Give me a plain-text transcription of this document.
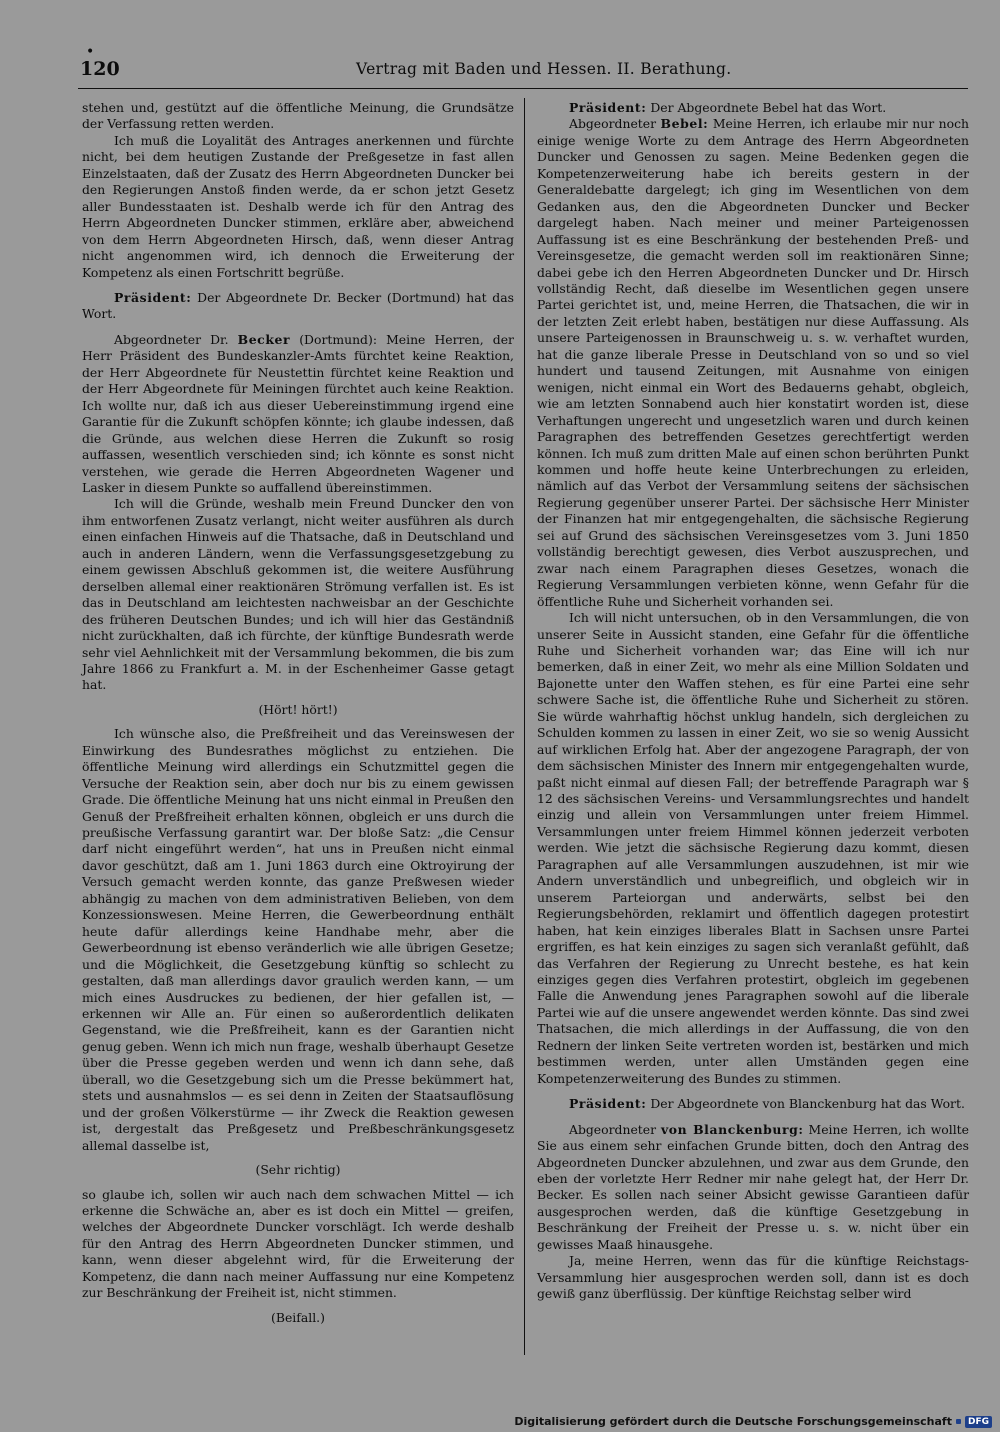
•
120	Vertrag mit Baden und Hessen. II. Berathung.

stehen und, gestützt auf die öffentliche Meinung, die Grundsätze der Verfassung retten werden.

Ich muß die Loyalität des Antrages anerkennen und fürchte nicht, bei dem heutigen Zustande der Preßgesetze in fast allen Einzelstaaten, daß der Zusatz des Herrn Abgeordneten Duncker bei den Regierungen Anstoß finden werde, da er schon jetzt Gesetz aller Bundesstaaten ist. Deshalb werde ich für den Antrag des Herrn Abgeordneten Duncker stimmen, erkläre aber, abweichend von dem Herrn Abgeordneten Hirsch, daß, wenn dieser Antrag nicht angenommen wird, ich dennoch die Erweiterung der Kompetenz als einen Fortschritt begrüße.

Präsident: Der Abgeordnete Dr. Becker (Dortmund) hat das Wort.

Abgeordneter Dr. Becker (Dortmund): Meine Herren, der Herr Präsident des Bundeskanzler-Amts fürchtet keine Reaktion, der Herr Abgeordnete für Neustettin fürchtet keine Reaktion und der Herr Abgeordnete für Meiningen fürchtet auch keine Reaktion. Ich wollte nur, daß ich aus dieser Uebereinstimmung irgend eine Garantie für die Zukunft schöpfen könnte; ich glaube indessen, daß die Gründe, aus welchen diese Herren die Zukunft so rosig auffassen, wesentlich verschieden sind; ich könnte es sonst nicht verstehen, wie gerade die Herren Abgeordneten Wagener und Lasker in diesem Punkte so auffallend übereinstimmen.

Ich will die Gründe, weshalb mein Freund Duncker den von ihm entworfenen Zusatz verlangt, nicht weiter ausführen als durch einen einfachen Hinweis auf die Thatsache, daß in Deutschland und auch in anderen Ländern, wenn die Verfassungsgesetzgebung zu einem gewissen Abschluß gekommen ist, die weitere Ausführung derselben allemal einer reaktionären Strömung verfallen ist. Es ist das in Deutschland am leichtesten nachweisbar an der Geschichte des früheren Deutschen Bundes; und ich will hier das Geständniß nicht zurückhalten, daß ich fürchte, der künftige Bundesrath werde sehr viel Aehnlichkeit mit der Versammlung bekommen, die bis zum Jahre 1866 zu Frankfurt a. M. in der Eschenheimer Gasse getagt hat.

(Hört! hört!)

Ich wünsche also, die Preßfreiheit und das Vereinswesen der Einwirkung des Bundesrathes möglichst zu entziehen. Die öffentliche Meinung wird allerdings ein Schutzmittel gegen die Versuche der Reaktion sein, aber doch nur bis zu einem gewissen Grade. Die öffentliche Meinung hat uns nicht einmal in Preußen den Genuß der Preßfreiheit erhalten können, obgleich er uns durch die preußische Verfassung garantirt war. Der bloße Satz: „die Censur darf nicht eingeführt werden“, hat uns in Preußen nicht einmal davor geschützt, daß am 1. Juni 1863 durch eine Oktroyirung der Versuch gemacht werden konnte, das ganze Preßwesen wieder abhängig zu machen von dem administrativen Belieben, von dem Konzessionswesen. Meine Herren, die Gewerbeordnung enthält heute dafür allerdings keine Handhabe mehr, aber die Gewerbeordnung ist ebenso veränderlich wie alle übrigen Gesetze; und die Möglichkeit, die Gesetzgebung künftig so schlecht zu gestalten, daß man allerdings davor graulich werden kann, — um mich eines Ausdruckes zu bedienen, der hier gefallen ist, — erkennen wir Alle an. Für einen so außerordentlich delikaten Gegenstand, wie die Preßfreiheit, kann es der Garantien nicht genug geben. Wenn ich mich nun frage, weshalb überhaupt Gesetze über die Presse gegeben werden und wenn ich dann sehe, daß überall, wo die Gesetzgebung sich um die Presse bekümmert hat, stets und ausnahmslos — es sei denn in Zeiten der Staatsauflösung und der großen Völkerstürme — ihr Zweck die Reaktion gewesen ist, dergestalt das Preßgesetz und Preßbeschränkungsgesetz allemal dasselbe ist,

(Sehr richtig)

so glaube ich, sollen wir auch nach dem schwachen Mittel — ich erkenne die Schwäche an, aber es ist doch ein Mittel — greifen, welches der Abgeordnete Duncker vorschlägt. Ich werde deshalb für den Antrag des Herrn Abgeordneten Duncker stimmen, und kann, wenn dieser abgelehnt wird, für die Erweiterung der Kompetenz, die dann nach meiner Auffassung nur eine Kompetenz zur Beschränkung der Freiheit ist, nicht stimmen.

(Beifall.)

Präsident: Der Abgeordnete Bebel hat das Wort.

Abgeordneter Bebel: Meine Herren, ich erlaube mir nur noch einige wenige Worte zu dem Antrage des Herrn Abgeordneten Duncker und Genossen zu sagen. Meine Bedenken gegen die Kompetenzerweiterung habe ich bereits gestern in der Generaldebatte dargelegt; ich ging im Wesentlichen von dem Gedanken aus, den die Abgeordneten Duncker und Becker dargelegt haben. Nach meiner und meiner Parteigenossen Auffassung ist es eine Beschränkung der bestehenden Preß- und Vereinsgesetze, die gemacht werden soll im reaktionären Sinne; dabei gebe ich den Herren Abgeordneten Duncker und Dr. Hirsch vollständig Recht, daß dieselbe im Wesentlichen gegen unsere Partei gerichtet ist, und, meine Herren, die Thatsachen, die wir in der letzten Zeit erlebt haben, bestätigen nur diese Auffassung. Als unsere Parteigenossen in Braunschweig u. s. w. verhaftet wurden, hat die ganze liberale Presse in Deutschland von so und so viel hundert und tausend Zeitungen, mit Ausnahme von einigen wenigen, nicht einmal ein Wort des Bedauerns gehabt, obgleich, wie am letzten Sonnabend auch hier konstatirt worden ist, diese Verhaftungen ungerecht und ungesetzlich waren und durch keinen Paragraphen des betreffenden Gesetzes gerechtfertigt werden können. Ich muß zum dritten Male auf einen schon berührten Punkt kommen und hoffe heute keine Unterbrechungen zu erleiden, nämlich auf das Verbot der Versammlung seitens der sächsischen Regierung gegenüber unserer Partei. Der sächsische Herr Minister der Finanzen hat mir entgegengehalten, die sächsische Regierung sei auf Grund des sächsischen Vereinsgesetzes vom 3. Juni 1850 vollständig berechtigt gewesen, dies Verbot auszusprechen, und zwar nach einem Paragraphen dieses Gesetzes, wonach die Regierung Versammlungen verbieten könne, wenn Gefahr für die öffentliche Ruhe und Sicherheit vorhanden sei.

Ich will nicht untersuchen, ob in den Versammlungen, die von unserer Seite in Aussicht standen, eine Gefahr für die öffentliche Ruhe und Sicherheit vorhanden war; das Eine will ich nur bemerken, daß in einer Zeit, wo mehr als eine Million Soldaten und Bajonette unter den Waffen stehen, es für eine Partei eine sehr schwere Sache ist, die öffentliche Ruhe und Sicherheit zu stören. Sie würde wahrhaftig höchst unklug handeln, sich dergleichen zu Schulden kommen zu lassen in einer Zeit, wo sie so wenig Aussicht auf wirklichen Erfolg hat. Aber der angezogene Paragraph, der von dem sächsischen Minister des Innern mir entgegengehalten wurde, paßt nicht einmal auf diesen Fall; der betreffende Paragraph war § 12 des sächsischen Vereins- und Versammlungsrechtes und handelt einzig und allein von Versammlungen unter freiem Himmel. Versammlungen unter freiem Himmel können jederzeit verboten werden. Wie jetzt die sächsische Regierung dazu kommt, diesen Paragraphen auf alle Versammlungen auszudehnen, ist mir wie Andern unverständlich und unbegreiflich, und obgleich wir in unserem Parteiorgan und anderwärts, selbst bei den Regierungsbehörden, reklamirt und öffentlich dagegen protestirt haben, hat kein einziges liberales Blatt in Sachsen unsre Partei ergriffen, es hat kein einziges zu sagen sich veranlaßt gefühlt, daß das Verfahren der Regierung zu Unrecht bestehe, es hat kein einziges gegen dies Verfahren protestirt, obgleich im gegebenen Falle die Anwendung jenes Paragraphen sowohl auf die liberale Partei wie auf die unsere angewendet werden könnte. Das sind zwei Thatsachen, die mich allerdings in der Auffassung, die von den Rednern der linken Seite vertreten worden ist, bestärken und mich bestimmen werden, unter allen Umständen gegen eine Kompetenzerweiterung des Bundes zu stimmen.

Präsident: Der Abgeordnete von Blanckenburg hat das Wort.

Abgeordneter von Blanckenburg: Meine Herren, ich wollte Sie aus einem sehr einfachen Grunde bitten, doch den Antrag des Abgeordneten Duncker abzulehnen, und zwar aus dem Grunde, den eben der vorletzte Herr Redner mir nahe gelegt hat, der Herr Dr. Becker. Es sollen nach seiner Absicht gewisse Garantieen dafür ausgesprochen werden, daß die künftige Gesetzgebung in Beschränkung der Freiheit der Presse u. s. w. nicht über ein gewisses Maaß hinausgehe.

Ja, meine Herren, wenn das für die künftige Reichstags-Versammlung hier ausgesprochen werden soll, dann ist es doch gewiß ganz überflüssig. Der künftige Reichstag selber wird

Digitalisierung gefördert durch die Deutsche Forschungsgemeinschaft	DFG
